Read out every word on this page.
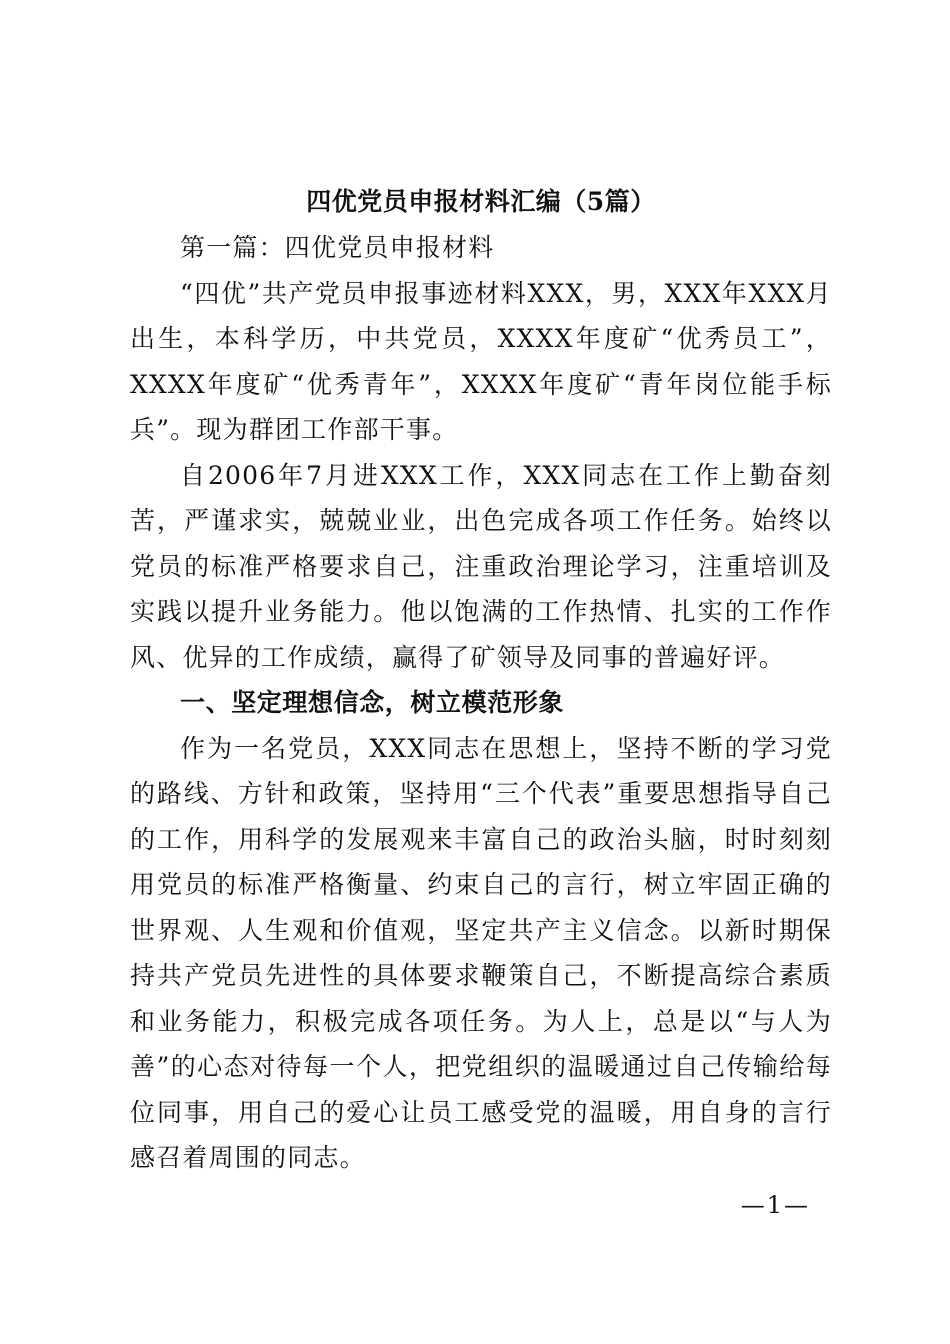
四优党员申报材料汇编（5篇）

第一篇：四优党员申报材料

“四优”共产党员申报事迹材料XXX，男，XXX年XXX月出生，本科学历，中共党员，XXXX年度矿“优秀员工”，XXXX年度矿“优秀青年”，XXXX年度矿“青年岗位能手标兵”。现为群团工作部干事。

自2006年7月进XXX工作，XXX同志在工作上勤奋刻苦，严谨求实，兢兢业业，出色完成各项工作任务。始终以党员的标准严格要求自己，注重政治理论学习，注重培训及实践以提升业务能力。他以饱满的工作热情、扎实的工作作风、优异的工作成绩，赢得了矿领导及同事的普遍好评。

一、坚定理想信念，树立模范形象

作为一名党员，XXX同志在思想上，坚持不断的学习党的路线、方针和政策，坚持用“三个代表”重要思想指导自己的工作，用科学的发展观来丰富自己的政治头脑，时时刻刻用党员的标准严格衡量、约束自己的言行，树立牢固正确的世界观、人生观和价值观，坚定共产主义信念。以新时期保持共产党员先进性的具体要求鞭策自己，不断提高综合素质和业务能力，积极完成各项任务。为人上，总是以“与人为善”的心态对待每一个人，把党组织的温暖通过自己传输给每位同事，用自己的爱心让员工感受党的温暖，用自身的言行感召着周围的同志。

—1—
